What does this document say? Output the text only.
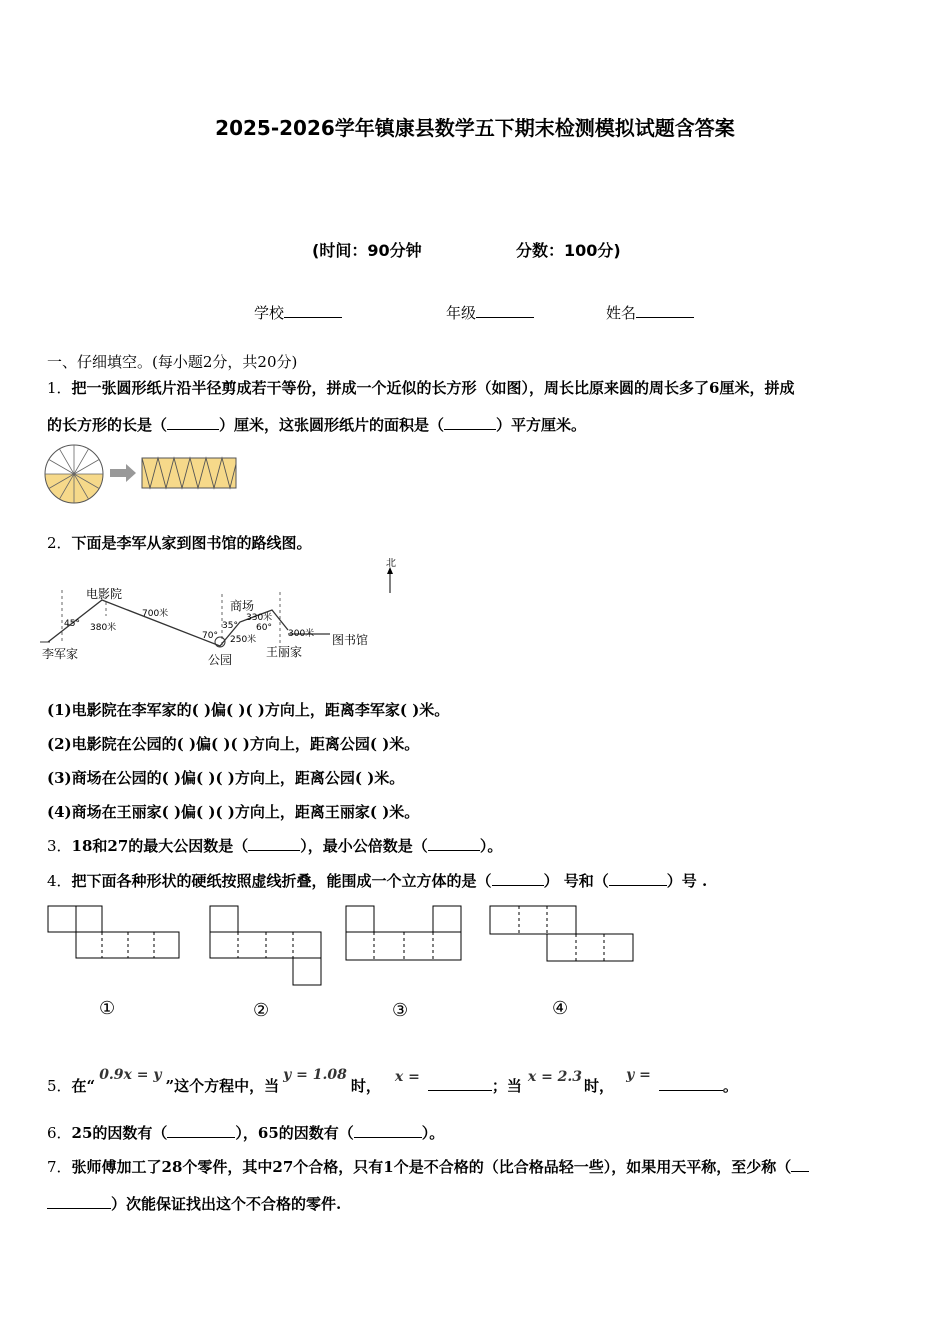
2025-2026学年镇康县数学五下期末检测模拟试题含答案
(时间：90分钟	分数：100分)
学校	年级	姓名
一、仔细填空。(每小题2分，共20分)
1．把一张圆形纸片沿半径剪成若干等份，拼成一个近似的长方形（如图），周长比原来圆的周长多了6厘米，拼成
的长方形的长是（	）厘米，这张圆形纸片的面积是（	）平方厘米。
2．下面是李军从家到图书馆的路线图。
北
李军家
电影院
公园
商场
王丽家
图书馆
380米
700米
250米
330米
300米
45°
70°
35° 60°
(1)电影院在李军家的( )偏( )( )方向上，距离李军家( )米。
(2)电影院在公园的( )偏( )( )方向上，距离公园( )米。
(3)商场在公园的( )偏( )( )方向上，距离公园( )米。
(4)商场在王丽家( )偏( )( )方向上，距离王丽家( )米。
3．18和27的最大公因数是（	），最小公倍数是（	）。
4．把下面各种形状的硬纸按照虚线折叠，能围成一个立方体的是（	） 号和（	）号 .
①	②	③	④
5．在“0.9x = y”这个方程中，当y = 1.08时， x =	；当 x = 2.3 时，y =。
6．25的因数有（	），65的因数有（	）。
7．张师傅加工了28个零件，其中27个合格，只有1个是不合格的（比合格品轻一些），如果用天平称，至少称（
）次能保证找出这个不合格的零件.
